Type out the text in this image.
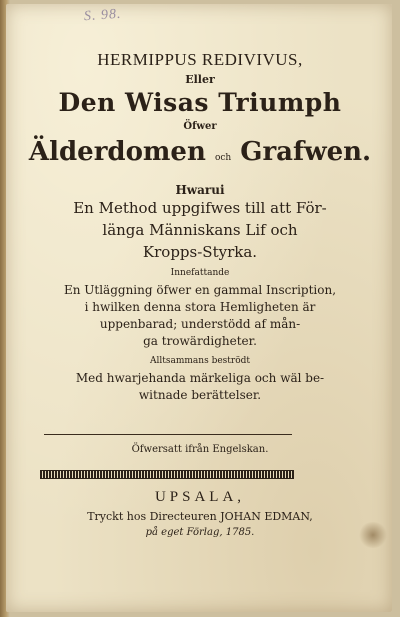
S. 98.
HERMIPPUS REDIVIVUS,
Eller
Den Wisas Triumph
Öfwer
Älderdomen och Grafwen.
Hwarui
En Method uppgifwes till att För-
länga Människans Lif och
Kropps-Styrka.
Innefattande
En Utläggning öfwer en gammal Inscription,
i hwilken denna stora Hemligheten är
uppenbarad; understödd af mån-
ga trowärdigheter.
Alltsammans beströdt
Med hwarjehanda märkeliga och wäl be-
witnade berättelser.
Öfwersatt ifrån Engelskan.
UPSALA,
Tryckt hos Directeuren JOHAN EDMAN,
på eget Förlag, 1785.
